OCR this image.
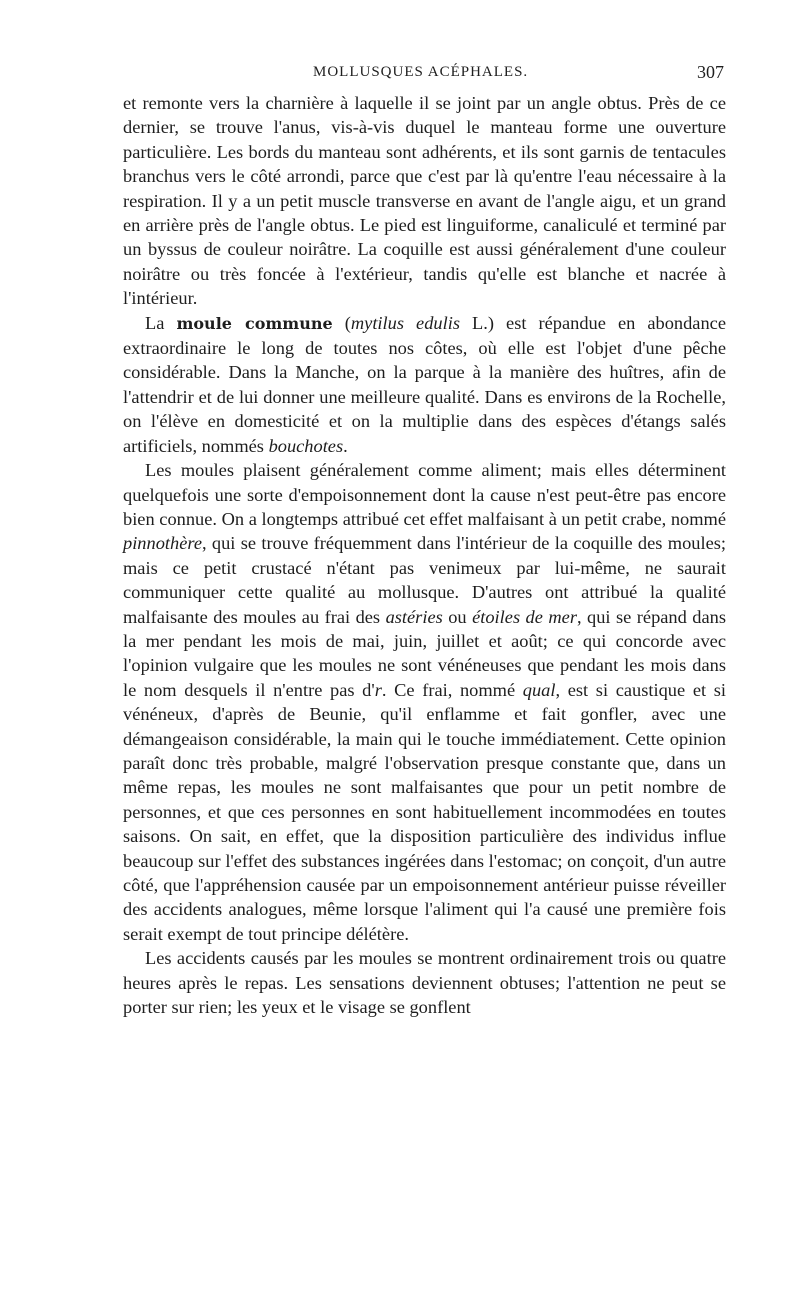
MOLLUSQUES ACÉPHALES.	307

et remonte vers la charnière à laquelle il se joint par un angle obtus. Près de ce dernier, se trouve l'anus, vis-à-vis duquel le manteau forme une ouverture particulière. Les bords du manteau sont adhérents, et ils sont garnis de tentacules branchus vers le côté arrondi, parce que c'est par là qu'entre l'eau nécessaire à la respiration. Il y a un petit muscle transverse en avant de l'angle aigu, et un grand en arrière près de l'angle obtus. Le pied est linguiforme, canaliculé et terminé par un byssus de couleur noirâtre. La coquille est aussi généralement d'une couleur noirâtre ou très foncée à l'extérieur, tandis qu'elle est blanche et nacrée à l'intérieur.

La moule commune (mytilus edulis L.) est répandue en abondance extraordinaire le long de toutes nos côtes, où elle est l'objet d'une pêche considérable. Dans la Manche, on la parque à la manière des huîtres, afin de l'attendrir et de lui donner une meilleure qualité. Dans es environs de la Rochelle, on l'élève en domesticité et on la multiplie dans des espèces d'étangs salés artificiels, nommés bouchotes.

Les moules plaisent généralement comme aliment; mais elles déterminent quelquefois une sorte d'empoisonnement dont la cause n'est peut-être pas encore bien connue. On a longtemps attribué cet effet malfaisant à un petit crabe, nommé pinnothère, qui se trouve fréquemment dans l'intérieur de la coquille des moules; mais ce petit crustacé n'étant pas venimeux par lui-même, ne saurait communiquer cette qualité au mollusque. D'autres ont attribué la qualité malfaisante des moules au frai des astéries ou étoiles de mer, qui se répand dans la mer pendant les mois de mai, juin, juillet et août; ce qui concorde avec l'opinion vulgaire que les moules ne sont vénéneuses que pendant les mois dans le nom desquels il n'entre pas d'r. Ce frai, nommé qual, est si caustique et si vénéneux, d'après de Beunie, qu'il enflamme et fait gonfler, avec une démangeaison considérable, la main qui le touche immédiatement. Cette opinion paraît donc très probable, malgré l'observation presque constante que, dans un même repas, les moules ne sont malfaisantes que pour un petit nombre de personnes, et que ces personnes en sont habituellement incommodées en toutes saisons. On sait, en effet, que la disposition particulière des individus influe beaucoup sur l'effet des substances ingérées dans l'estomac; on conçoit, d'un autre côté, que l'appréhension causée par un empoisonnement antérieur puisse réveiller des accidents analogues, même lorsque l'aliment qui l'a causé une première fois serait exempt de tout principe délétère.

Les accidents causés par les moules se montrent ordinairement trois ou quatre heures après le repas. Les sensations deviennent obtuses; l'attention ne peut se porter sur rien; les yeux et le visage se gonflent
